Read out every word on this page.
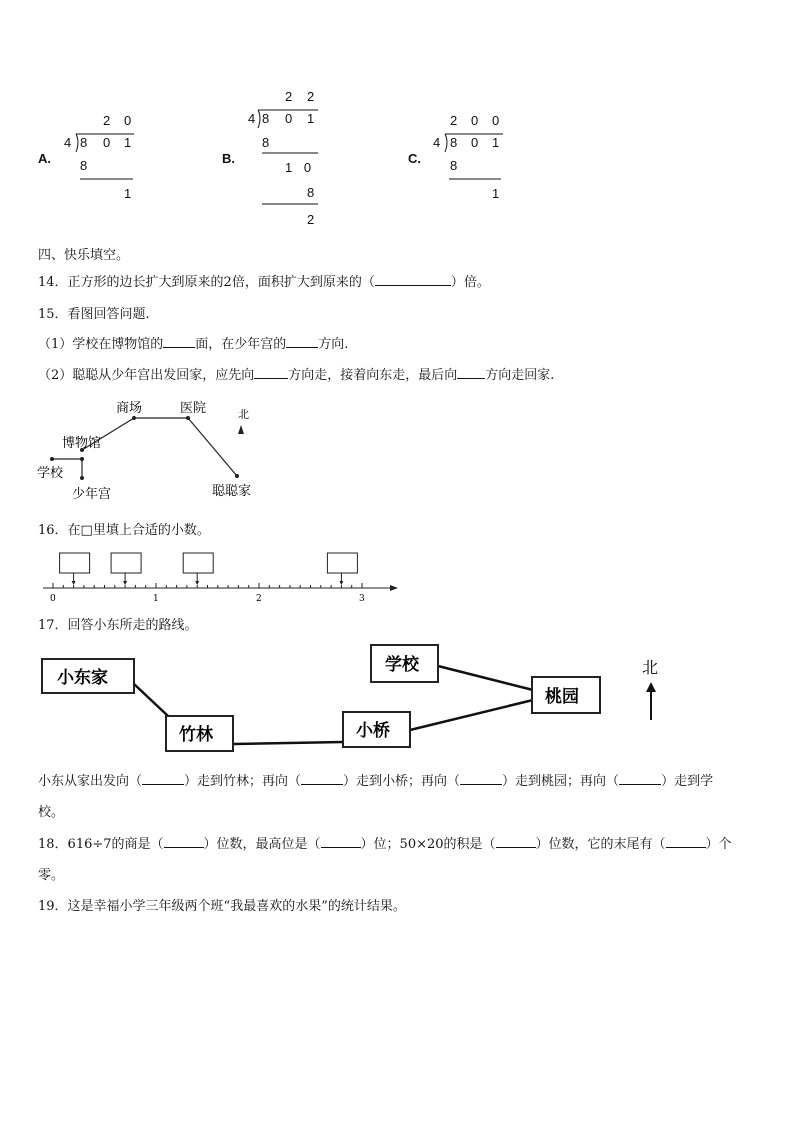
A.
2 0
4 8 0 1
8
1
B.
2 2
4 8 0 1
8
1 0
8
2
C.
2 0 0
4 8 0 1
8
1
四、快乐填空。
14．正方形的边长扩大到原来的2倍，面积扩大到原来的（	）倍。
15．看图回答问题.
（1）学校在博物馆的 面，在少年宫的 方向.
（2）聪聪从少年宫出发回家，应先向	方向走，接着向东走，最后向 方向走回家.
学校
博物馆
少年宫
商场	医院
聪聪家
北
16．在□里填上合适的小数。
0	1	2	3
17．回答小东所走的路线。
小东家
竹林	小桥
桃园
学校	北
小东从家出发向（	）走到竹林；再向（	）走到小桥；再向（	）走到桃园；再向（	）走到学
校。
18．616÷7的商是（	）位数，最高位是（	）位；50×20的积是（	）位数，它的末尾有（	）个
零。
19．这是幸福小学三年级两个班“我最喜欢的水果”的统计结果。
